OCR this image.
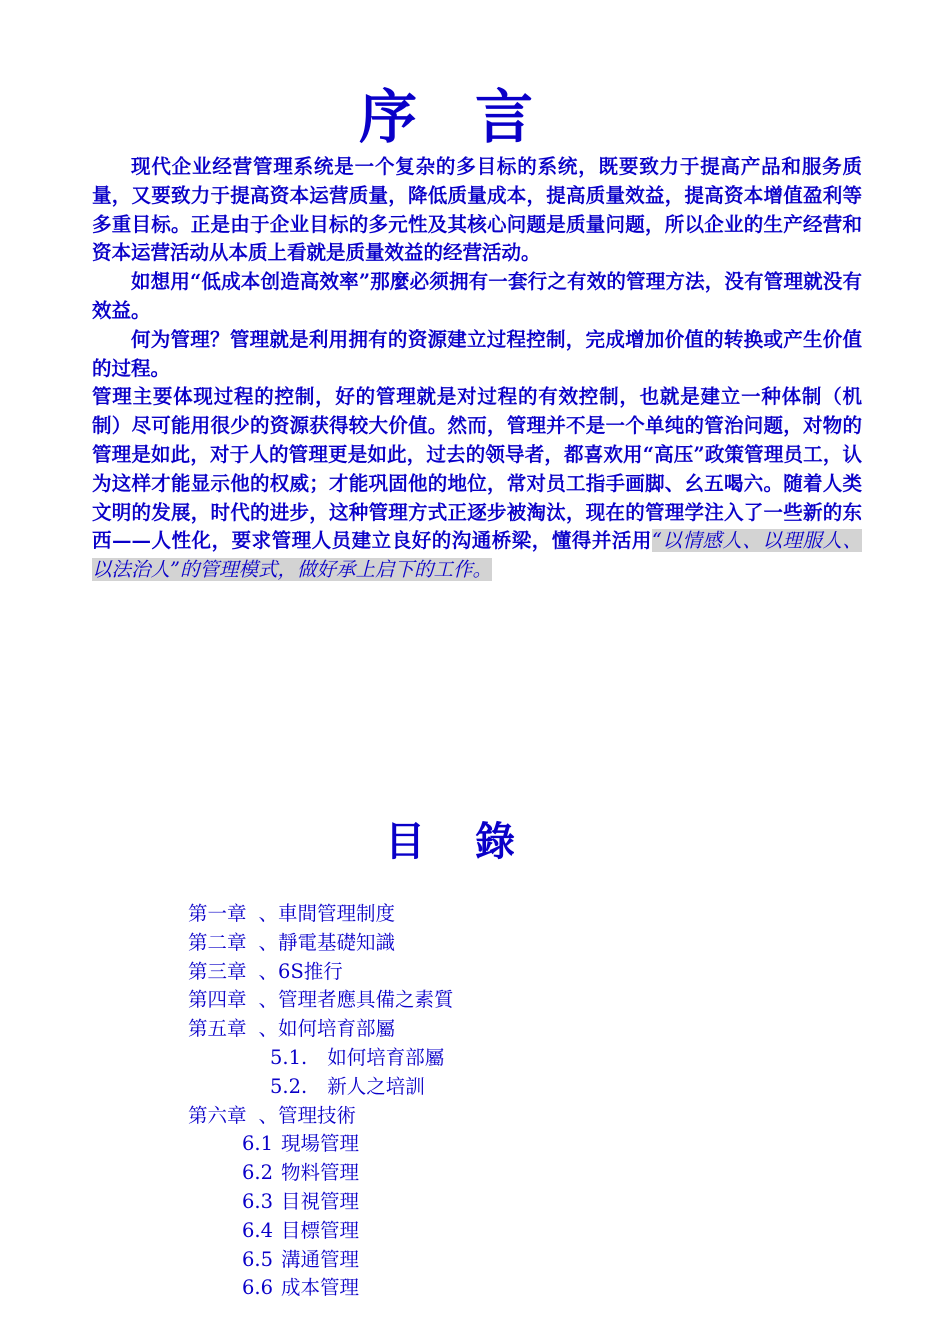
序言

现代企业经营管理系统是一个复杂的多目标的系统，既要致力于提高产品和服务质量，又要致力于提高资本运营质量，降低质量成本，提高质量效益，提高资本增值盈利等多重目标。正是由于企业目标的多元性及其核心问题是质量问题，所以企业的生产经营和资本运营活动从本质上看就是质量效益的经营活动。

如想用“低成本创造高效率”那麼必须拥有一套行之有效的管理方法，没有管理就没有效益。

何为管理？管理就是利用拥有的资源建立过程控制，完成增加价值的转换或产生价值的过程。

管理主要体现过程的控制，好的管理就是对过程的有效控制，也就是建立一种体制（机制）尽可能用很少的资源获得较大价值。然而，管理并不是一个单纯的管治问题，对物的管理是如此，对于人的管理更是如此，过去的领导者，都喜欢用“高压”政策管理员工，认为这样才能显示他的权威；才能巩固他的地位，常对员工指手画脚、幺五喝六。随着人类文明的发展，时代的进步，这种管理方式正逐步被淘汰，现在的管理学注入了一些新的东西——人性化，要求管理人员建立良好的沟通桥梁，懂得并活用“以情感人、以理服人、以法治人”的管理模式，做好承上启下的工作。

目錄
第一章 、車間管理制度
第二章 、靜電基礎知識
第三章 、6S推行
第四章 、管理者應具備之素質
第五章 、如何培育部屬
5.1. 如何培育部屬
5.2. 新人之培訓
第六章 、管理技術
6.1 現場管理
6.2 物料管理
6.3 目視管理
6.4 目標管理
6.5 溝通管理
6.6 成本管理
